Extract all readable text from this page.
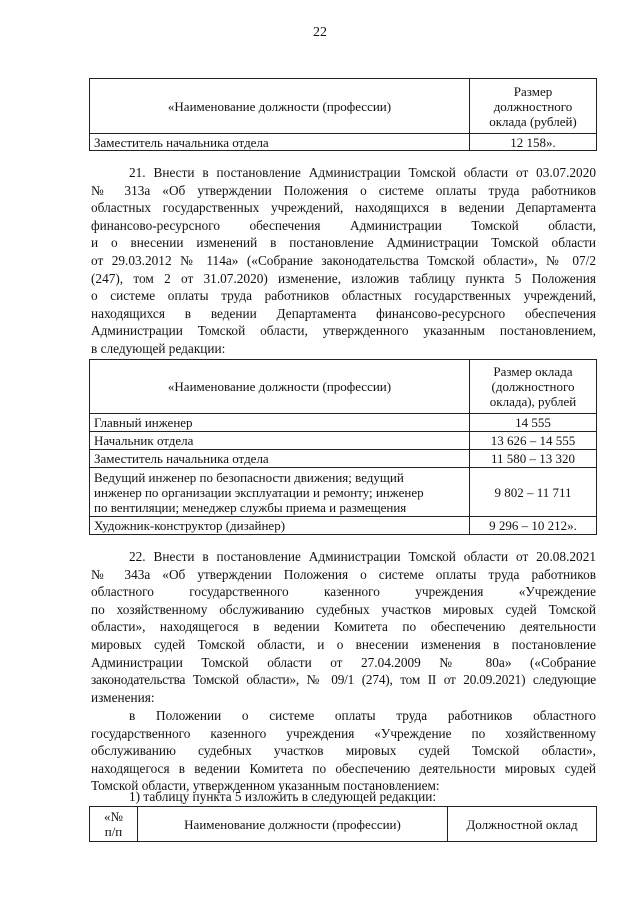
22
«Наименование должности (профессии)	Размер
должностного
оклада (рублей)
Заместитель начальника отдела	12 158».
21. Внести в постановление Администрации Томской области от 03.07.2020
№ 313а «Об утверждении Положения о системе оплаты труда работников
областных государственных учреждений, находящихся в ведении Департамента
финансово-ресурсного обеспечения Администрации Томской области,
и о внесении изменений в постановление Администрации Томской области
от 29.03.2012 № 114а» («Собрание законодательства Томской области», № 07/2
(247), том 2 от 31.07.2020) изменение, изложив таблицу пункта 5 Положения
о системе оплаты труда работников областных государственных учреждений,
находящихся в ведении Департамента финансово-ресурсного обеспечения
Администрации Томской области, утвержденного указанным постановлением,
в следующей редакции:
«Наименование должности (профессии)	Размер оклада
(должностного
оклада), рублей
Главный инженер	14 555
Начальник отдела	13 626 – 14 555
Заместитель начальника отдела	11 580 – 13 320
Ведущий инженер по безопасности движения; ведущий
инженер по организации эксплуатации и ремонту; инженер
по вентиляции; менеджер службы приема и размещения	9 802 – 11 711
Художник-конструктор (дизайнер)	9 296 – 10 212».
22. Внести в постановление Администрации Томской области от 20.08.2021
№ 343а «Об утверждении Положения о системе оплаты труда работников
областного государственного казенного учреждения «Учреждение
по хозяйственному обслуживанию судебных участков мировых судей Томской
области», находящегося в ведении Комитета по обеспечению деятельности
мировых судей Томской области, и о внесении изменения в постановление
Администрации Томской области от 27.04.2009 № 80а» («Собрание
законодательства Томской области», № 09/1 (274), том II от 20.09.2021) следующие
изменения:
в Положении о системе оплаты труда работников областного
государственного казенного учреждения «Учреждение по хозяйственному
обслуживанию судебных участков мировых судей Томской области»,
находящегося в ведении Комитета по обеспечению деятельности мировых судей
Томской области, утвержденном указанным постановлением:
1) таблицу пункта 5 изложить в следующей редакции:
«№
п/п	Наименование должности (профессии)	Должностной оклад
